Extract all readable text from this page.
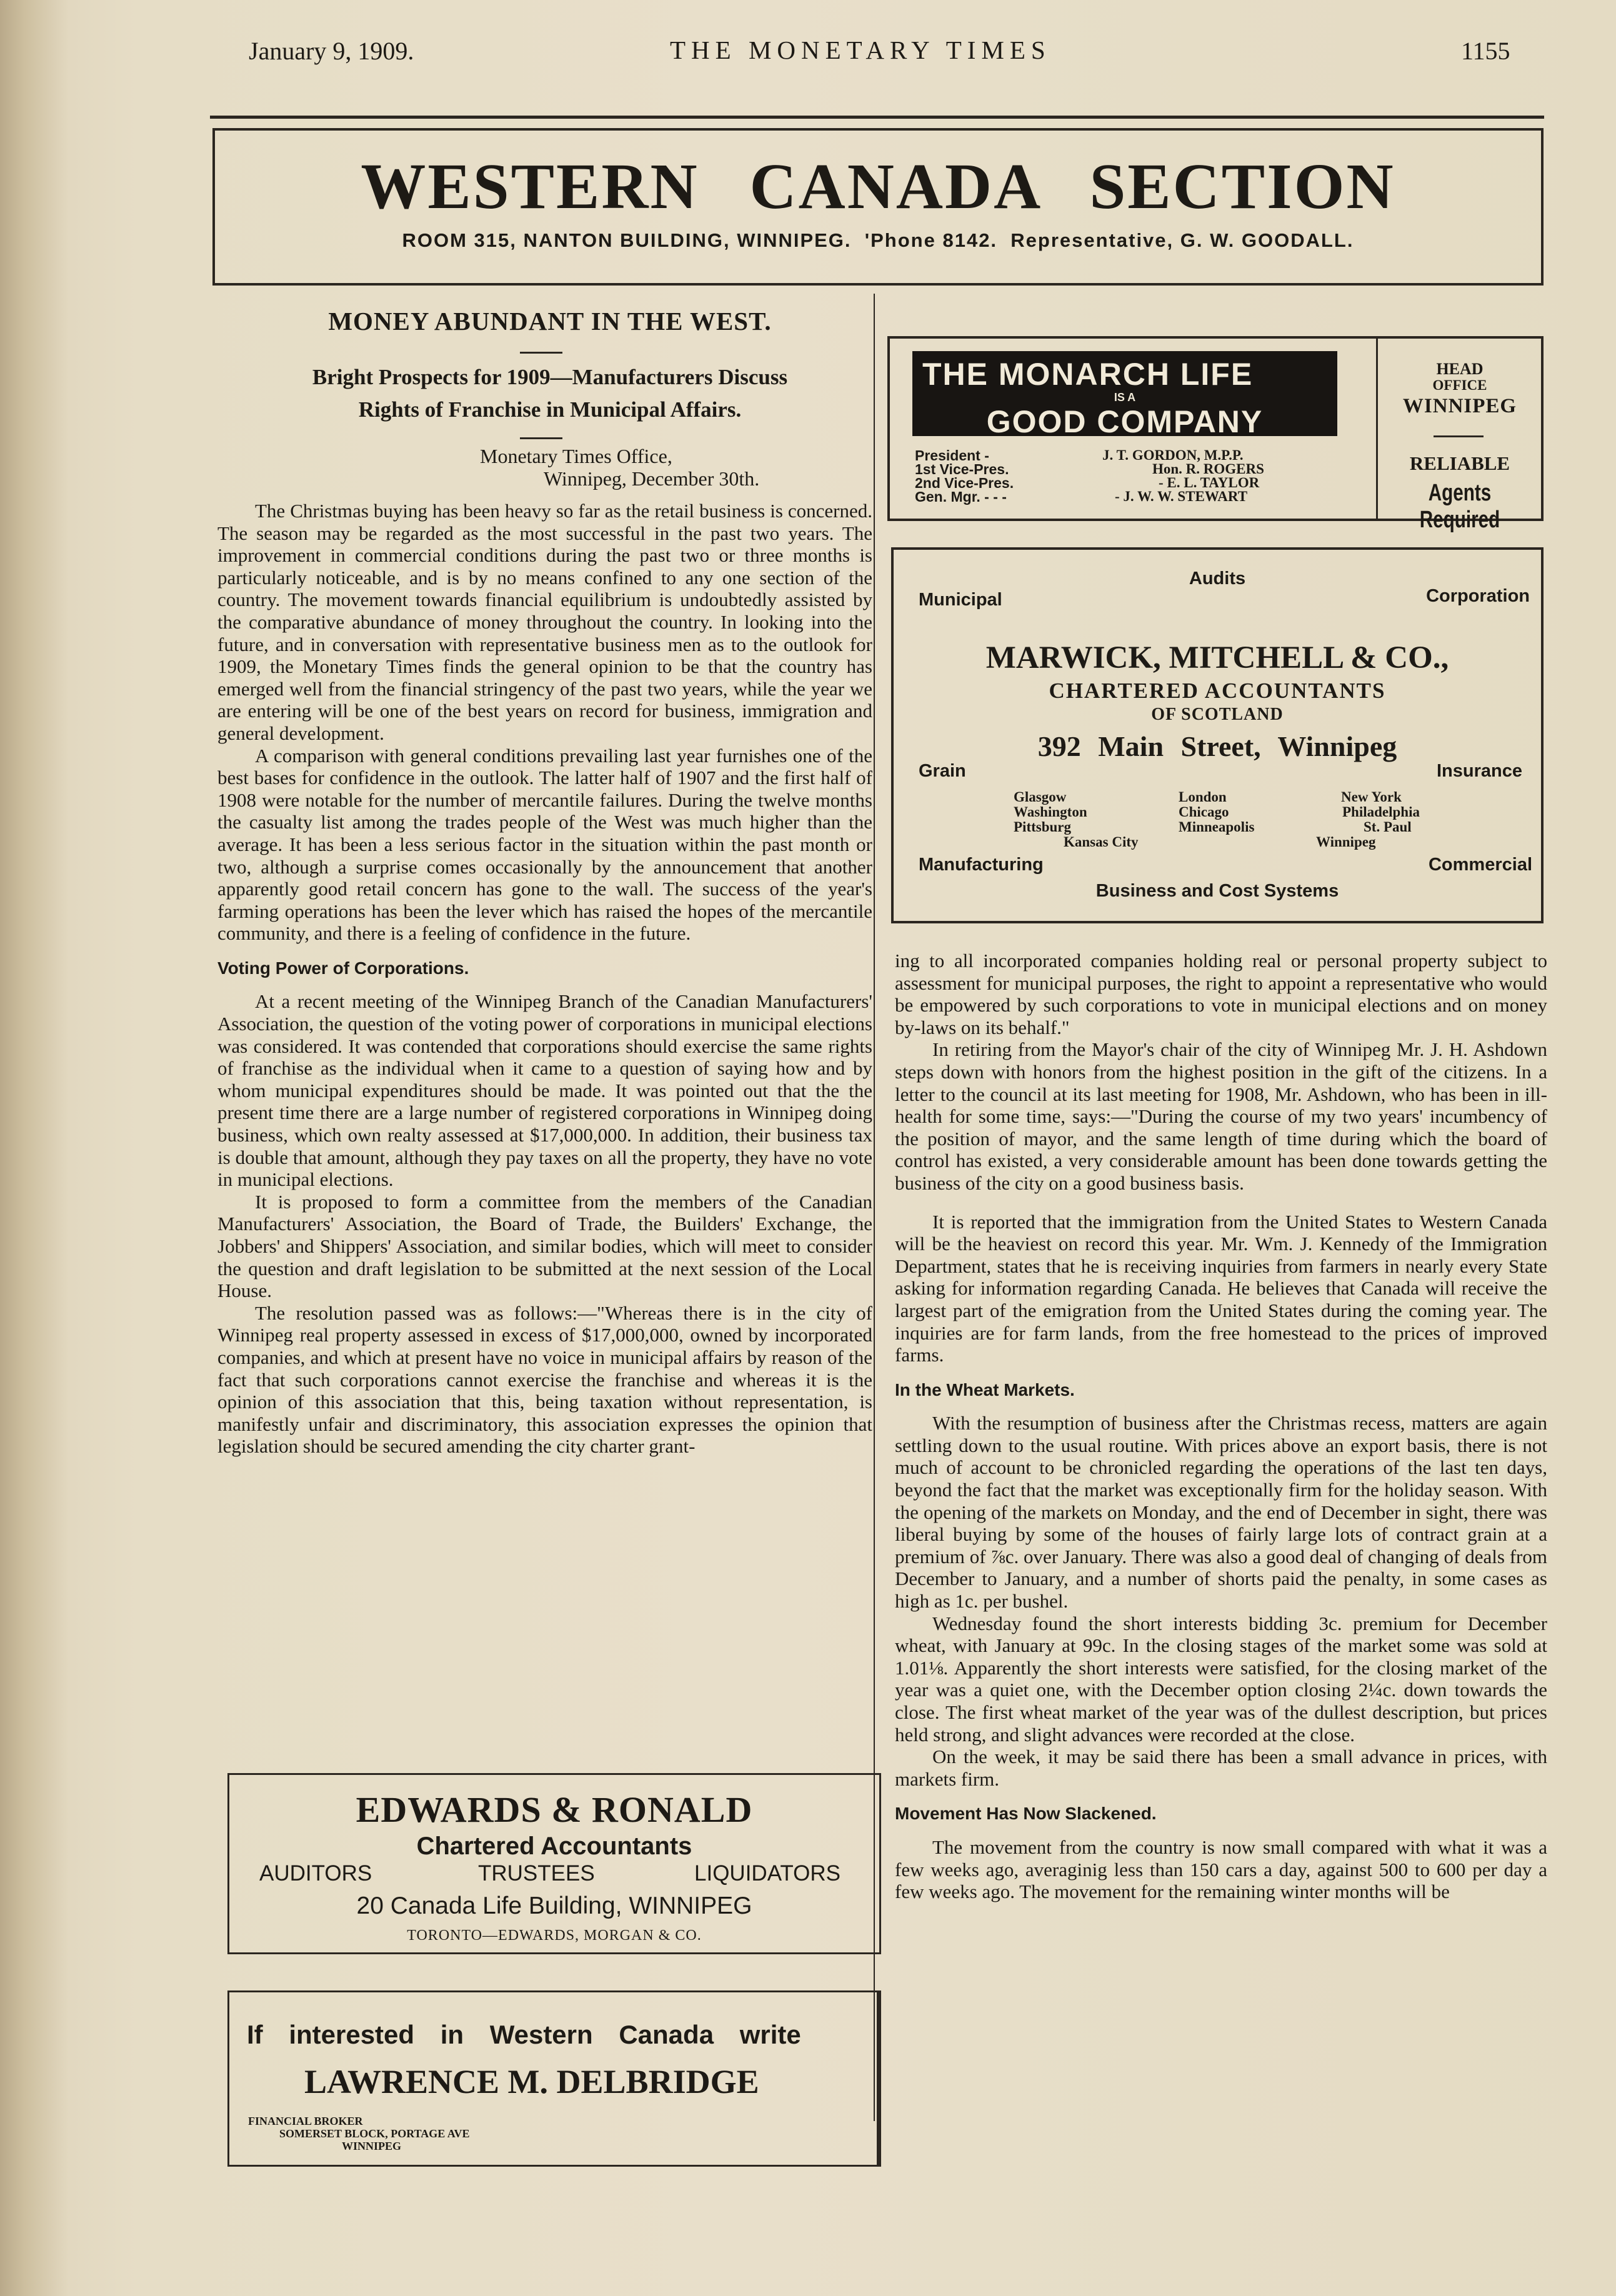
January 9, 1909.	THE MONETARY TIMES	1155
WESTERN CANADA SECTION
ROOM 315, NANTON BUILDING, WINNIPEG.  'Phone 8142.  Representative, G. W. GOODALL.
MONEY ABUNDANT IN THE WEST.
Bright Prospects for 1909—Manufacturers Discuss
Rights of Franchise in Municipal Affairs.
Monetary Times Office,
Winnipeg, December 30th.

The Christmas buying has been heavy so far as the retail business is concerned. The season may be regarded as the most successful in the past two years. The improvement in commercial conditions during the past two or three months is particularly noticeable, and is by no means confined to any one section of the country. The movement towards financial equilibrium is undoubtedly assisted by the comparative abundance of money throughout the country. In looking into the future, and in conversation with representative business men as to the outlook for 1909, the Monetary Times finds the general opinion to be that the country has emerged well from the financial stringency of the past two years, while the year we are entering will be one of the best years on record for business, immigration and general development.

A comparison with general conditions prevailing last year furnishes one of the best bases for confidence in the outlook. The latter half of 1907 and the first half of 1908 were notable for the number of mercantile failures. During the twelve months the casualty list among the trades people of the West was much higher than the average. It has been a less serious factor in the situation within the past month or two, although a surprise comes occasionally by the announcement that another apparently good retail concern has gone to the wall. The success of the year's farming operations has been the lever which has raised the hopes of the mercantile community, and there is a feeling of confidence in the future.

Voting Power of Corporations.

At a recent meeting of the Winnipeg Branch of the Canadian Manufacturers' Association, the question of the voting power of corporations in municipal elections was considered. It was contended that corporations should exercise the same rights of franchise as the individual when it came to a question of saying how and by whom municipal expenditures should be made. It was pointed out that the the present time there are a large number of registered corporations in Winnipeg doing business, which own realty assessed at $17,000,000. In addition, their business tax is double that amount, although they pay taxes on all the property, they have no vote in municipal elections.

It is proposed to form a committee from the members of the Canadian Manufacturers' Association, the Board of Trade, the Builders' Exchange, the Jobbers' and Shippers' Association, and similar bodies, which will meet to consider the question and draft legislation to be submitted at the next session of the Local House.

The resolution passed was as follows:—"Whereas there is in the city of Winnipeg real property assessed in excess of $17,000,000, owned by incorporated companies, and which at present have no voice in municipal affairs by reason of the fact that such corporations cannot exercise the franchise and whereas it is the opinion of this association that this, being taxation without representation, is manifestly unfair and discriminatory, this association expresses the opinion that legislation should be secured amending the city charter grant-

EDWARDS & RONALD
Chartered Accountants
AUDITORS	TRUSTEES	LIQUIDATORS
20 Canada Life Building, WINNIPEG
TORONTO—EDWARDS, MORGAN & CO.
If interested in Western Canada write
LAWRENCE M. DELBRIDGE
FINANCIAL BROKER
SOMERSET BLOCK, PORTAGE AVE
WINNIPEG
THE MONARCH LIFE
IS A
GOOD COMPANY
President -	J. T. GORDON, M.P.P.
1st Vice-Pres.	Hon. R. ROGERS
2nd Vice-Pres.	- E. L. TAYLOR
Gen. Mgr. - - -	- J. W. W. STEWART
HEAD
OFFICE
WINNIPEG
RELIABLE
Agents Required
Audits
Municipal	Corporation
MARWICK, MITCHELL & CO.,
CHARTERED ACCOUNTANTS
OF SCOTLAND
392 Main Street, Winnipeg
Grain	Insurance
Glasgow
Washington
Pittsburg
Kansas City
London
Chicago
Minneapolis
New York
Philadelphia
St. Paul
Winnipeg
Manufacturing	Commercial
Business and Cost Systems

ing to all incorporated companies holding real or personal property subject to assessment for municipal purposes, the right to appoint a representative who would be empowered by such corporations to vote in municipal elections and on money by-laws on its behalf."

In retiring from the Mayor's chair of the city of Winnipeg Mr. J. H. Ashdown steps down with honors from the highest position in the gift of the citizens. In a letter to the council at its last meeting for 1908, Mr. Ashdown, who has been in ill-health for some time, says:—"During the course of my two years' incumbency of the position of mayor, and the same length of time during which the board of control has existed, a very considerable amount has been done towards getting the business of the city on a good business basis.

It is reported that the immigration from the United States to Western Canada will be the heaviest on record this year. Mr. Wm. J. Kennedy of the Immigration Department, states that he is receiving inquiries from farmers in nearly every State asking for information regarding Canada. He believes that Canada will receive the largest part of the emigration from the United States during the coming year. The inquiries are for farm lands, from the free homestead to the prices of improved farms.

In the Wheat Markets.

With the resumption of business after the Christmas recess, matters are again settling down to the usual routine. With prices above an export basis, there is not much of account to be chronicled regarding the operations of the last ten days, beyond the fact that the market was exceptionally firm for the holiday season. With the opening of the markets on Monday, and the end of December in sight, there was liberal buying by some of the houses of fairly large lots of contract grain at a premium of ⅞c. over January. There was also a good deal of changing of deals from December to January, and a number of shorts paid the penalty, in some cases as high as 1c. per bushel.

Wednesday found the short interests bidding 3c. premium for December wheat, with January at 99c. In the closing stages of the market some was sold at 1.01⅛. Apparently the short interests were satisfied, for the closing market of the year was a quiet one, with the December option closing 2¼c. down towards the close. The first wheat market of the year was of the dullest description, but prices held strong, and slight advances were recorded at the close.

On the week, it may be said there has been a small advance in prices, with markets firm.

Movement Has Now Slackened.

The movement from the country is now small compared with what it was a few weeks ago, averaginig less than 150 cars a day, against 500 to 600 per day a few weeks ago. The movement for the remaining winter months will be
